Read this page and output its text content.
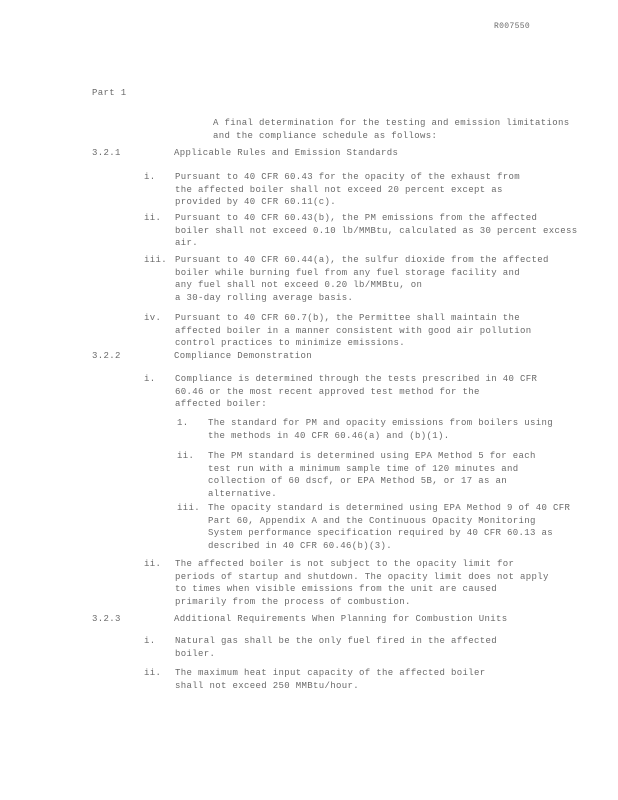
R007550

Part 1

A final determination for the testing and emission limitations
and the compliance schedule as follows:

3.2.1

	Applicable Rules and Emission Standards

i.

Pursuant to 40 CFR 60.43 for the opacity of the exhaust from
the affected boiler shall not exceed 20 percent except as
provided by 40 CFR 60.11(c).

ii.

Pursuant to 40 CFR 60.43(b), the PM emissions from the affected
boiler shall not exceed 0.10 lb/MMBtu, calculated as 30 percent excess
air.

iii.

Pursuant to 40 CFR 60.44(a), the sulfur dioxide from the affected
boiler while burning fuel from any fuel storage facility and
any fuel shall not exceed 0.20 lb/MMBtu, on
a 30-day rolling average basis.

iv.

Pursuant to 40 CFR 60.7(b), the Permittee shall maintain the
affected boiler in a manner consistent with good air pollution
control practices to minimize emissions.

3.2.2

	Compliance Demonstration

i.

Compliance is determined through the tests prescribed in 40 CFR
60.46 or the most recent approved test method for the
affected boiler:

1.

The standard for PM and opacity emissions from boilers using
the methods in 40 CFR 60.46(a) and (b)(1).

ii.

The PM standard is determined using EPA Method 5 for each
test run with a minimum sample time of 120 minutes and
collection of 60 dscf, or EPA Method 5B, or 17 as an
alternative.

iii.

The opacity standard is determined using EPA Method 9 of 40 CFR
Part 60, Appendix A and the Continuous Opacity Monitoring
System performance specification required by 40 CFR 60.13 as
described in 40 CFR 60.46(b)(3).

ii.

The affected boiler is not subject to the opacity limit for
periods of startup and shutdown. The opacity limit does not apply
to times when visible emissions from the unit are caused
primarily from the process of combustion.

3.2.3

	Additional Requirements When Planning for Combustion Units

i.

Natural gas shall be the only fuel fired in the affected
boiler.

ii.

The maximum heat input capacity of the affected boiler
shall not exceed 250 MMBtu/hour.
